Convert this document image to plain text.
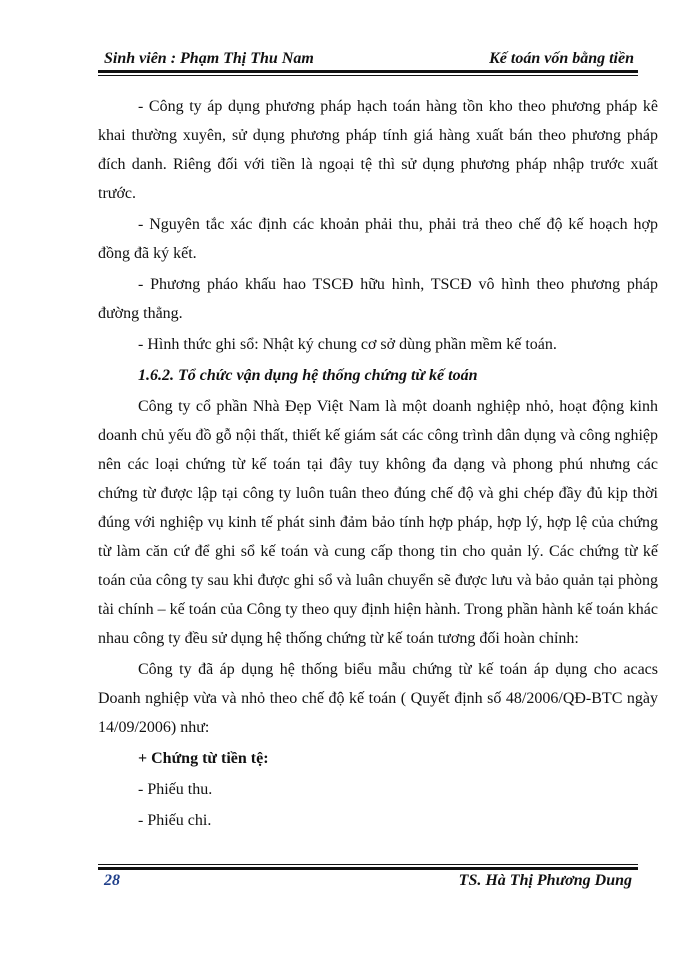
Sinh viên : Phạm Thị Thu Nam	Kế toán vốn bằng tiền

- Công ty áp dụng phương pháp hạch toán hàng tồn kho theo phương pháp kê khai thường xuyên, sử dụng phương pháp tính giá hàng xuất bán theo phương pháp đích danh. Riêng đối với tiền là ngoại tệ thì sử dụng phương pháp nhập trước xuất trước.

- Nguyên tắc xác định các khoản phải thu, phải trả theo chế độ kế hoạch hợp đồng đã ký kết.

- Phương pháo khấu hao TSCĐ hữu hình, TSCĐ vô hình theo phương pháp đường thẳng.

- Hình thức ghi sổ: Nhật ký chung cơ sở dùng phần mềm kế toán.

1.6.2. Tổ chức vận dụng hệ thống chứng từ kế toán

Công ty cổ phần Nhà Đẹp Việt Nam là một doanh nghiệp nhỏ, hoạt động kinh doanh chủ yếu đồ gỗ nội thất, thiết kế giám sát các công trình dân dụng và công nghiệp nên các loại chứng từ kế toán tại đây tuy không đa dạng và phong phú nhưng các chứng từ được lập tại công ty luôn tuân theo đúng chế độ và ghi chép đầy đủ kịp thời đúng với nghiệp vụ kinh tế phát sinh đảm bảo tính hợp pháp, hợp lý, hợp lệ của chứng từ làm căn cứ để ghi sổ kế toán và cung cấp thong tin cho quản lý. Các chứng từ kế toán của công ty sau khi được ghi sổ và luân chuyển sẽ được lưu và bảo quản tại phòng tài chính – kế toán của Công ty theo quy định hiện hành. Trong phần hành kế toán khác nhau công ty đều sử dụng hệ thống chứng từ kế toán tương đối hoàn chỉnh:

Công ty đã áp dụng hệ thống biểu mẫu chứng từ kế toán áp dụng cho acacs Doanh nghiệp vừa và nhỏ theo chế độ kế toán ( Quyết định số 48/2006/QĐ-BTC ngày 14/09/2006) như:

+ Chứng từ tiền tệ:

- Phiếu thu.

- Phiếu chi.

28	TS. Hà Thị Phương Dung
